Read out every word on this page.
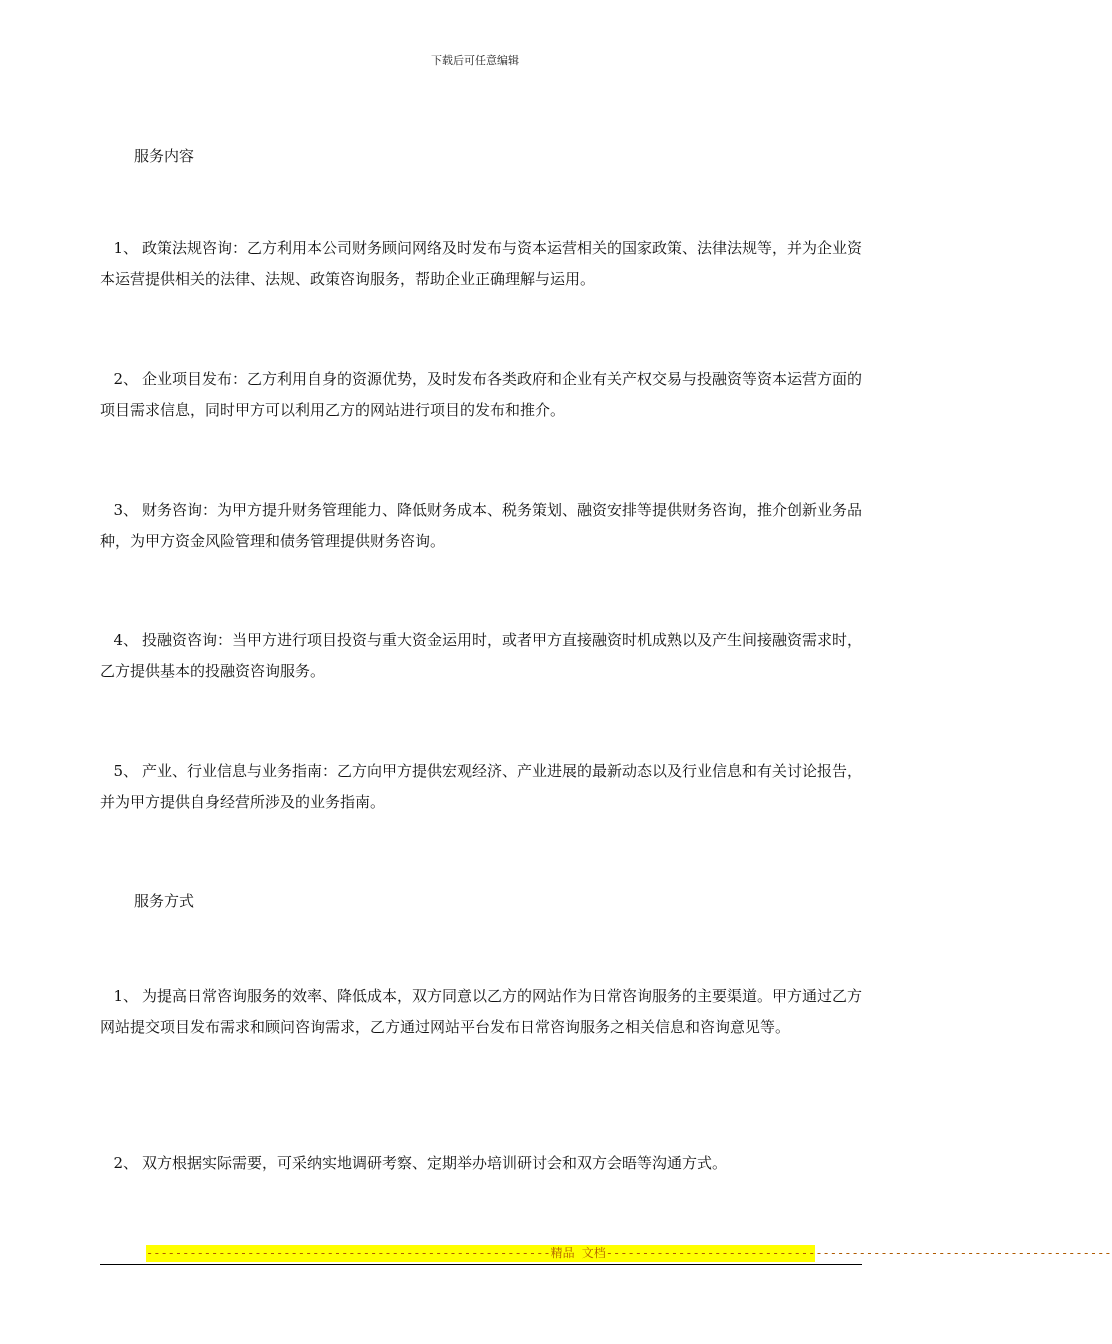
下载后可任意编辑
服务内容
1、 政策法规咨询：乙方利用本公司财务顾问网络及时发布与资本运营相关的国家政策、法律法规等，并为企业资本运营提供相关的法律、法规、政策咨询服务，帮助企业正确理解与运用。
2、 企业项目发布：乙方利用自身的资源优势，及时发布各类政府和企业有关产权交易与投融资等资本运营方面的项目需求信息，同时甲方可以利用乙方的网站进行项目的发布和推介。
3、 财务咨询：为甲方提升财务管理能力、降低财务成本、税务策划、融资安排等提供财务咨询，推介创新业务品种，为甲方资金风险管理和债务管理提供财务咨询。
4、 投融资咨询：当甲方进行项目投资与重大资金运用时，或者甲方直接融资时机成熟以及产生间接融资需求时，乙方提供基本的投融资咨询服务。
5、 产业、行业信息与业务指南：乙方向甲方提供宏观经济、产业进展的最新动态以及行业信息和有关讨论报告，并为甲方提供自身经营所涉及的业务指南。
服务方式
1、 为提高日常咨询服务的效率、降低成本，双方同意以乙方的网站作为日常咨询服务的主要渠道。甲方通过乙方网站提交项目发布需求和顾问咨询需求，乙方通过网站平台发布日常咨询服务之相关信息和咨询意见等。
2、 双方根据实际需要，可采纳实地调研考察、定期举办培训研讨会和双方会晤等沟通方式。
--------------------------------------------------------精品 文档----------------------------------------------------------------------
